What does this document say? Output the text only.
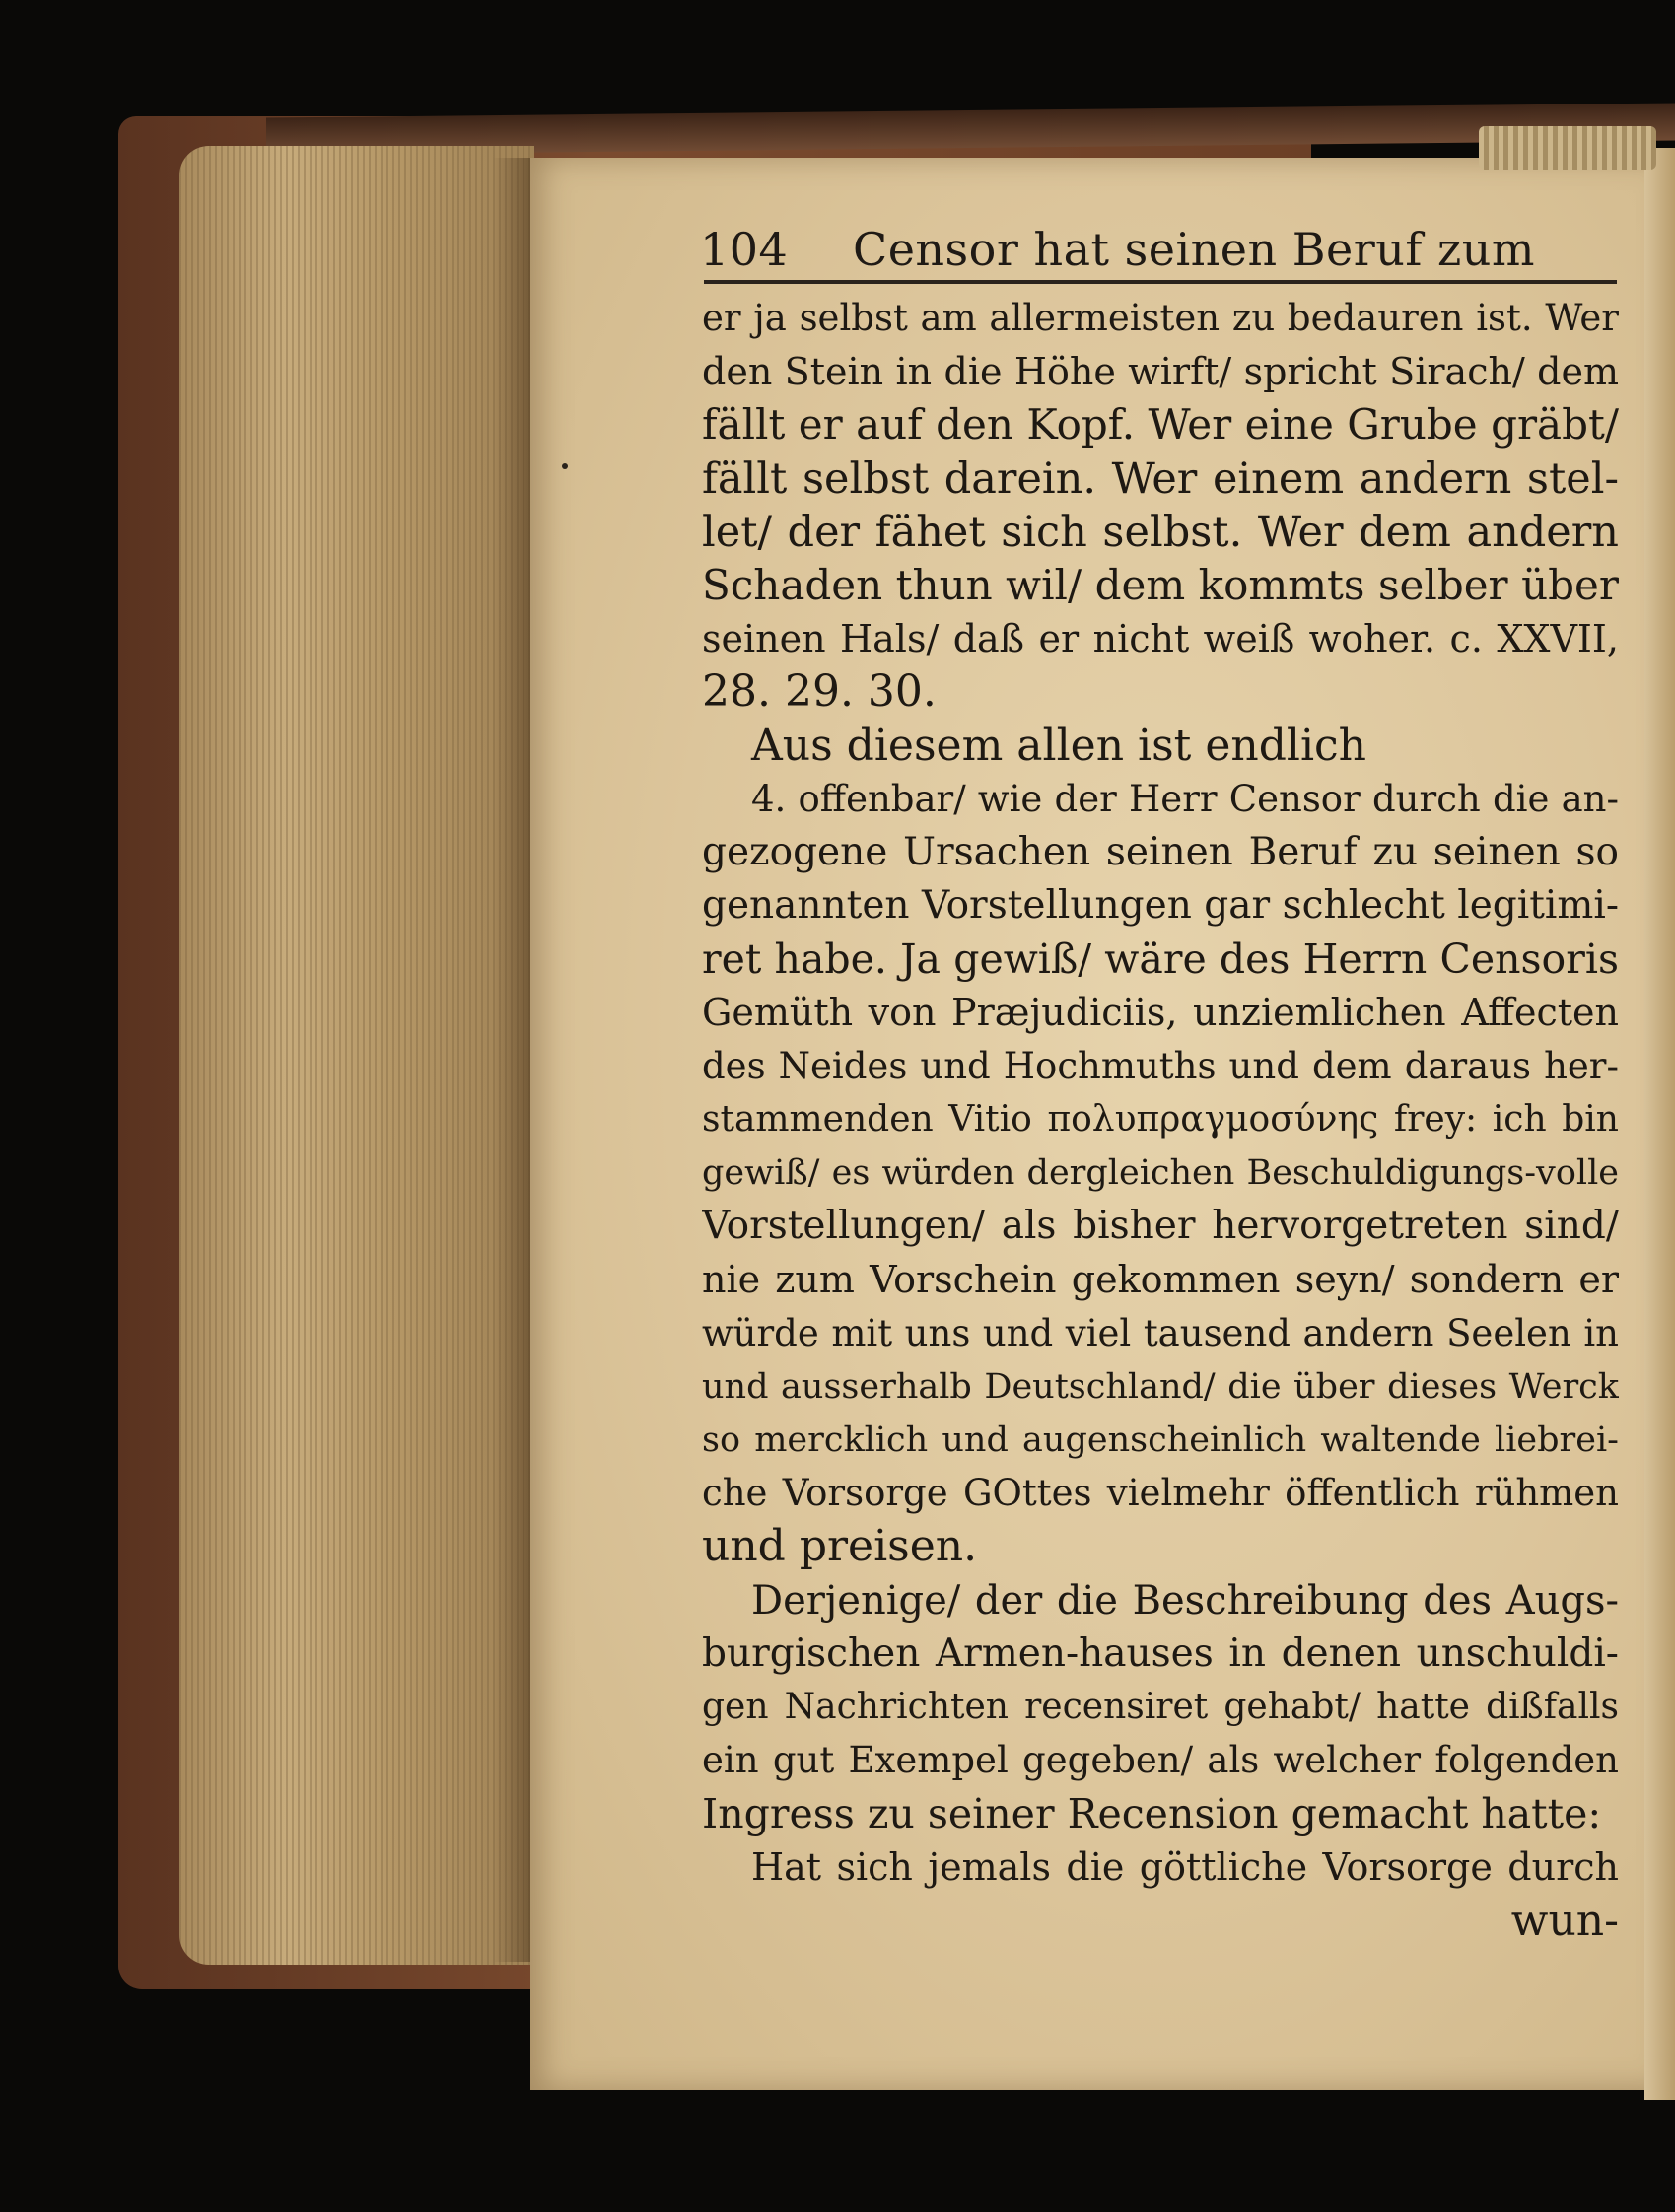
104 Censor hat seinen Beruf zum
er ja selbst am allermeisten zu bedauren ist. Wer
den Stein in die Höhe wirft/ spricht Sirach/ dem
fällt er auf den Kopf. Wer eine Grube gräbt/
fällt selbst darein. Wer einem andern stel-
let/ der fähet sich selbst. Wer dem andern
Schaden thun wil/ dem kommts selber über
seinen Hals/ daß er nicht weiß woher. c. XXVII,
28. 29. 30.
Aus diesem allen ist endlich
4. offenbar/ wie der Herr Censor durch die an-
gezogene Ursachen seinen Beruf zu seinen so
genannten Vorstellungen gar schlecht legitimi-
ret habe. Ja gewiß/ wäre des Herrn Censoris
Gemüth von Præjudiciis, unziemlichen Affecten
des Neides und Hochmuths und dem daraus her-
stammenden Vitio πολυπραγμοσύνης frey: ich bin
gewiß/ es würden dergleichen Beschuldigungs-volle
Vorstellungen/ als bisher hervorgetreten sind/
nie zum Vorschein gekommen seyn/ sondern er
würde mit uns und viel tausend andern Seelen in
und ausserhalb Deutschland/ die über dieses Werck
so mercklich und augenscheinlich waltende liebrei-
che Vorsorge GOttes vielmehr öffentlich rühmen
und preisen.
Derjenige/ der die Beschreibung des Augs-
burgischen Armen-hauses in denen unschuldi-
gen Nachrichten recensiret gehabt/ hatte dißfalls
ein gut Exempel gegeben/ als welcher folgenden
Ingress zu seiner Recension gemacht hatte:
Hat sich jemals die göttliche Vorsorge durch
wun-
